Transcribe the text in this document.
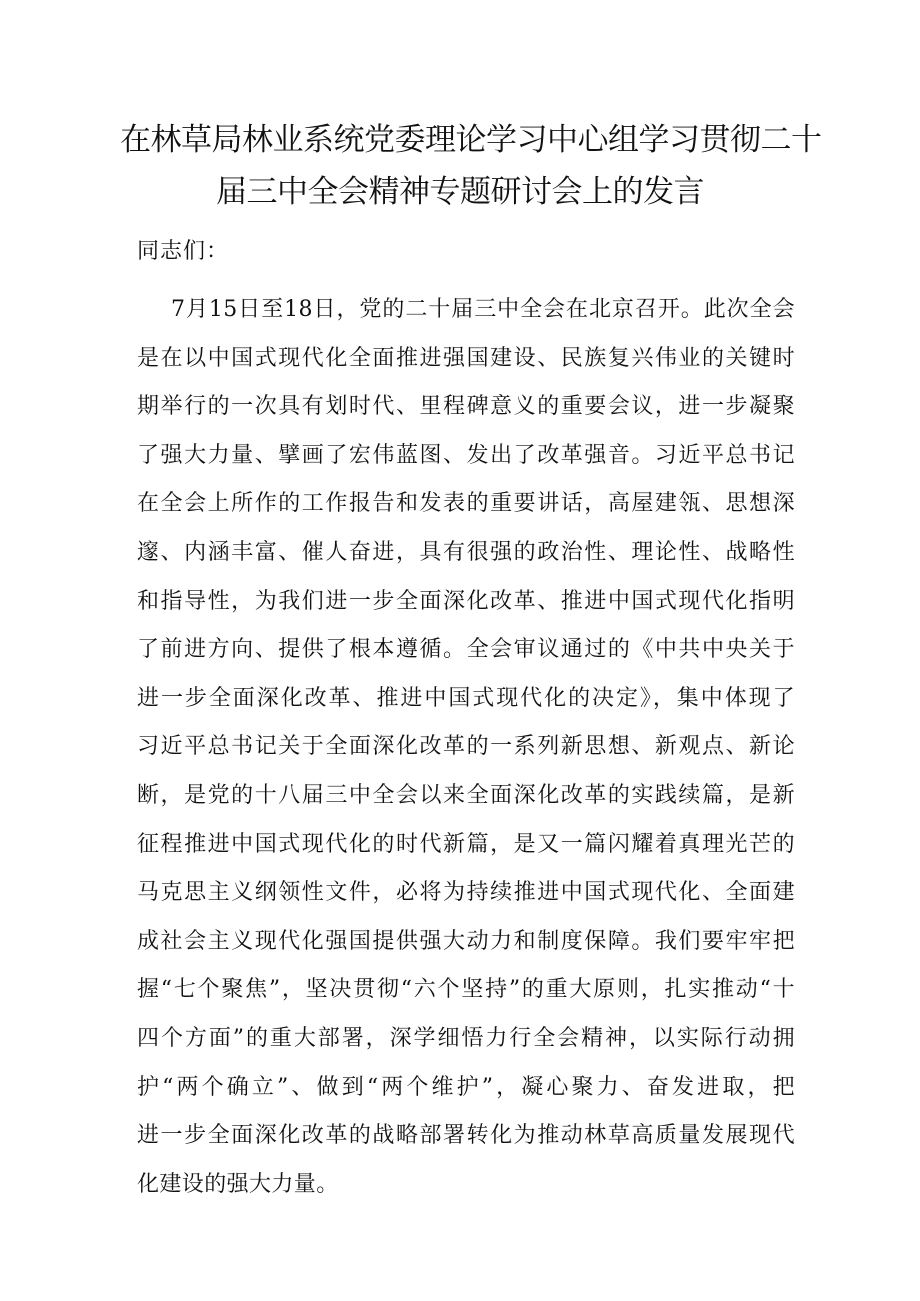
在林草局林业系统党委理论学习中心组学习贯彻二十
届三中全会精神专题研讨会上的发言

同志们：

7月15日至18日，党的二十届三中全会在北京召开。此次全会
是在以中国式现代化全面推进强国建设、民族复兴伟业的关键时
期举行的一次具有划时代、里程碑意义的重要会议，进一步凝聚
了强大力量、擘画了宏伟蓝图、发出了改革强音。习近平总书记
在全会上所作的工作报告和发表的重要讲话，高屋建瓴、思想深
邃、内涵丰富、催人奋进，具有很强的政治性、理论性、战略性
和指导性，为我们进一步全面深化改革、推进中国式现代化指明
了前进方向、提供了根本遵循。全会审议通过的《中共中央关于
进一步全面深化改革、推进中国式现代化的决定》，集中体现了
习近平总书记关于全面深化改革的一系列新思想、新观点、新论
断，是党的十八届三中全会以来全面深化改革的实践续篇，是新
征程推进中国式现代化的时代新篇，是又一篇闪耀着真理光芒的
马克思主义纲领性文件，必将为持续推进中国式现代化、全面建
成社会主义现代化强国提供强大动力和制度保障。我们要牢牢把
握“七个聚焦”，坚决贯彻“六个坚持”的重大原则，扎实推动“十
四个方面”的重大部署，深学细悟力行全会精神，以实际行动拥
护“两个确立”、做到“两个维护”，凝心聚力、奋发进取，把
进一步全面深化改革的战略部署转化为推动林草高质量发展现代
化建设的强大力量。
